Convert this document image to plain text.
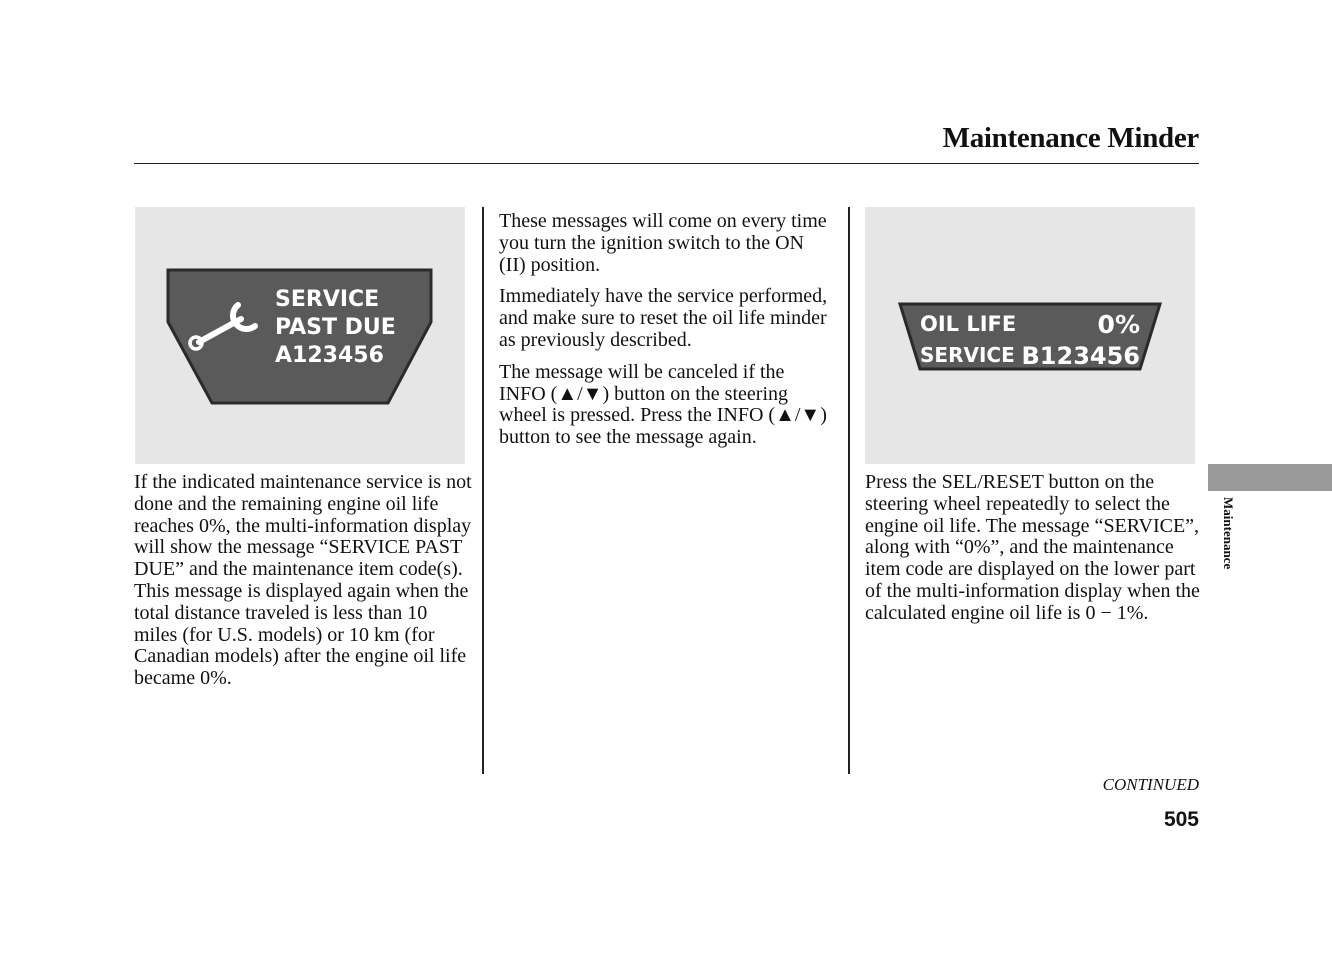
Maintenance Minder
SERVICE
PAST DUE
A123456

If the indicated maintenance service is not done and the remaining engine oil life reaches 0%, the multi-information display will show the message “SERVICE PAST DUE” and the maintenance item code(s). This message is displayed again when the total distance traveled is less than 10 miles (for U.S. models) or 10 km (for Canadian models) after the engine oil life became 0%.

These messages will come on every time you turn the ignition switch to the ON (II) position.

Immediately have the service performed, and make sure to reset the oil life minder as previously described.

The message will be canceled if the INFO (▲/▼) button on the steering wheel is pressed. Press the INFO (▲/▼) button to see the message again.

OIL LIFE	0%
SERVICE B123456

Press the SEL/RESET button on the steering wheel repeatedly to select the engine oil life. The message “SERVICE”, along with “0%”, and the maintenance item code are displayed on the lower part of the multi-information display when the calculated engine oil life is 0 − 1%.

Maintenance
CONTINUED
505
